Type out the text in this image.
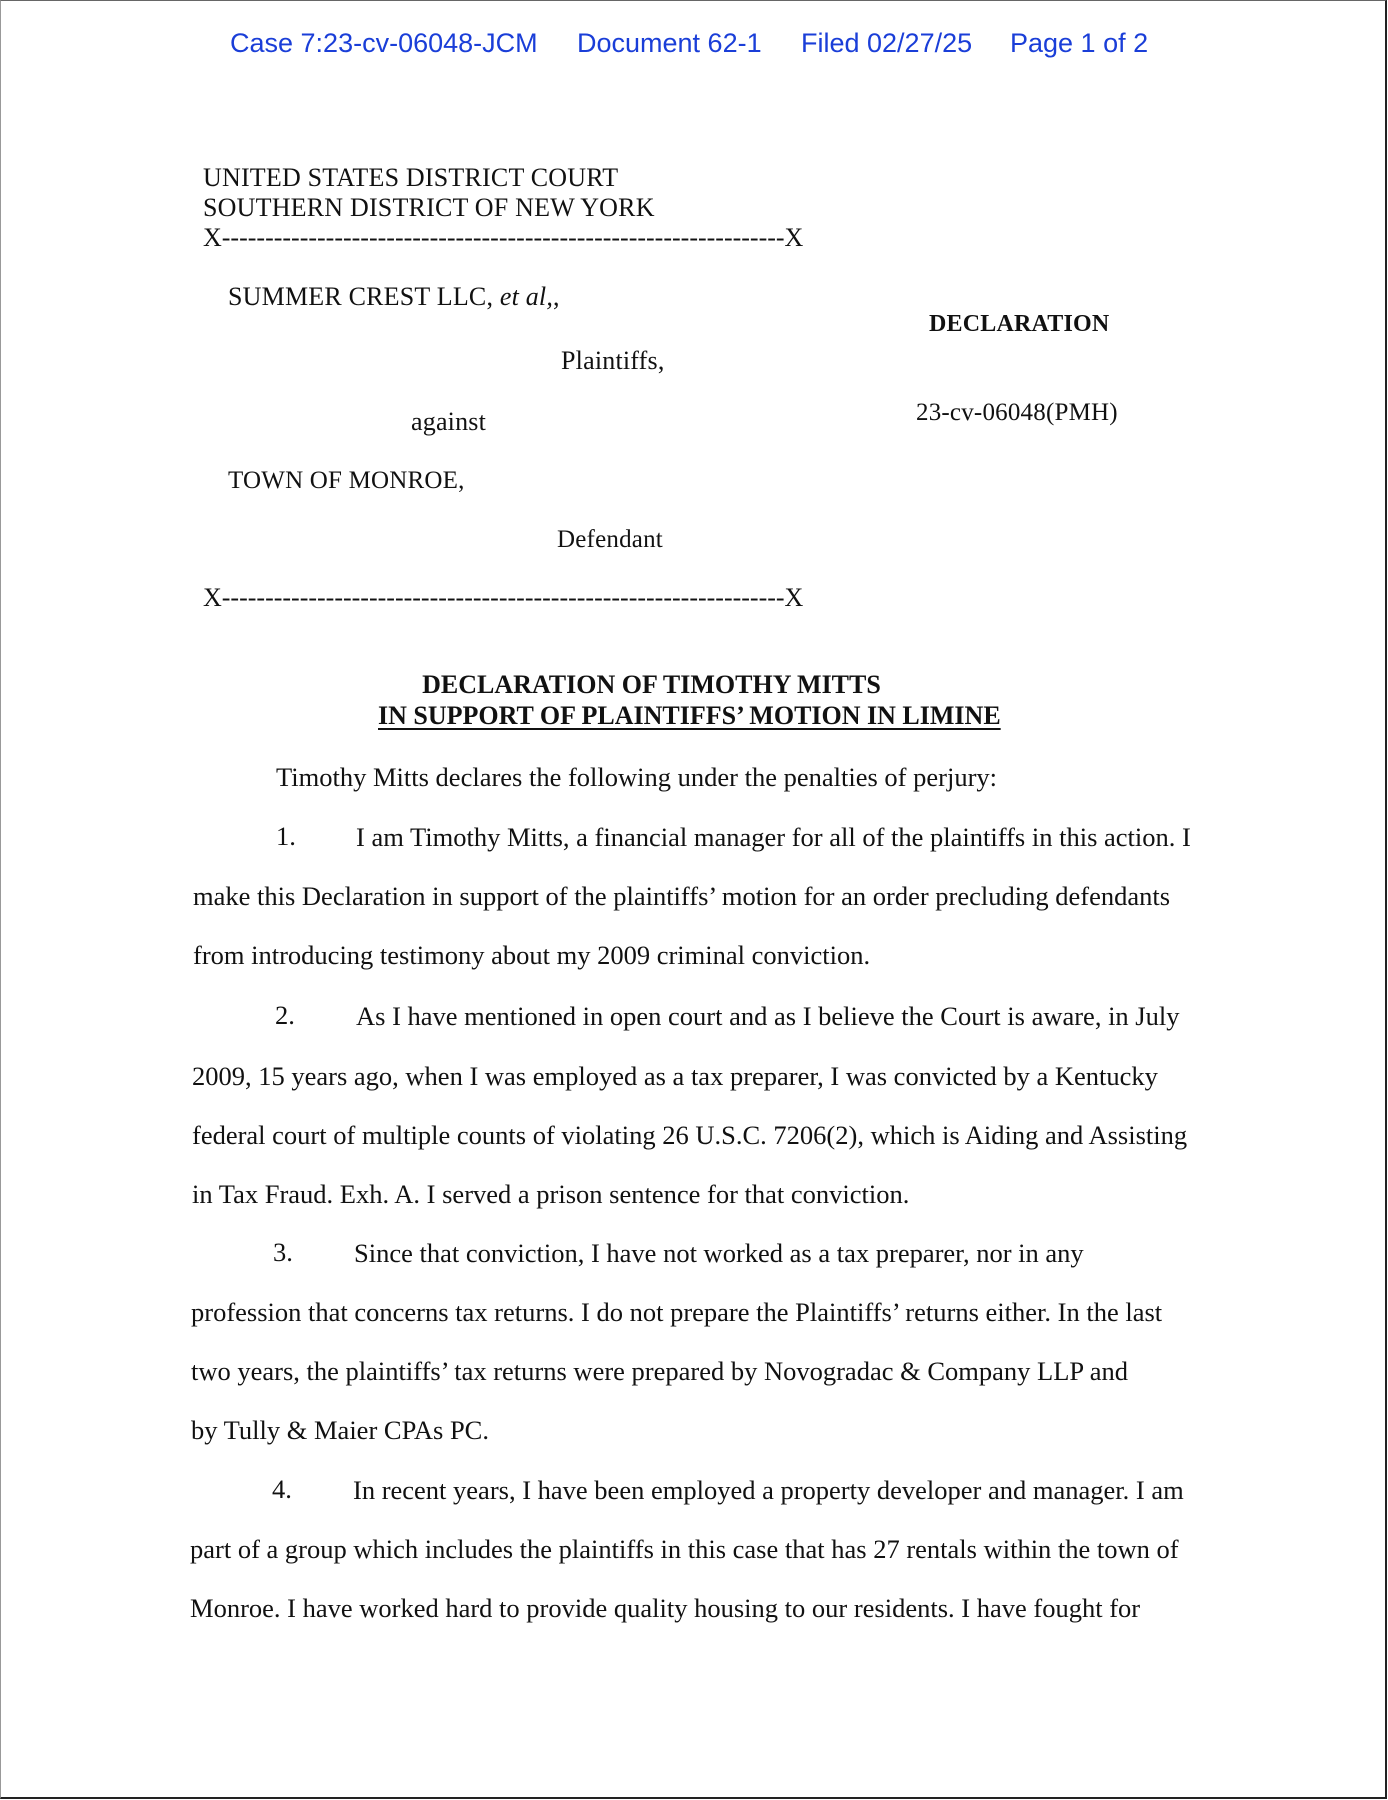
Case 7:23-cv-06048-JCM Document 62-1 Filed 02/27/25 Page 1 of 2
UNITED STATES DISTRICT COURT
SOUTHERN DISTRICT OF NEW YORK
X-----------------------------------------------------------------X
SUMMER CREST LLC, et al,,
DECLARATION
Plaintiffs,
23-cv-06048(PMH)
against
TOWN OF MONROE,
Defendant
X-----------------------------------------------------------------X
DECLARATION OF TIMOTHY MITTS
IN SUPPORT OF PLAINTIFFS’ MOTION IN LIMINE
Timothy Mitts declares the following under the penalties of perjury:
1. I am Timothy Mitts, a financial manager for all of the plaintiffs in this action. I
make this Declaration in support of the plaintiffs’ motion for an order precluding defendants
from introducing testimony about my 2009 criminal conviction.
2. As I have mentioned in open court and as I believe the Court is aware, in July
2009, 15 years ago, when I was employed as a tax preparer, I was convicted by a Kentucky
federal court of multiple counts of violating 26 U.S.C. 7206(2), which is Aiding and Assisting
in Tax Fraud. Exh. A. I served a prison sentence for that conviction.
3. Since that conviction, I have not worked as a tax preparer, nor in any
profession that concerns tax returns. I do not prepare the Plaintiffs’ returns either. In the last
two years, the plaintiffs’ tax returns were prepared by Novogradac & Company LLP and
by Tully & Maier CPAs PC.
4. In recent years, I have been employed a property developer and manager. I am
part of a group which includes the plaintiffs in this case that has 27 rentals within the town of
Monroe. I have worked hard to provide quality housing to our residents. I have fought for
